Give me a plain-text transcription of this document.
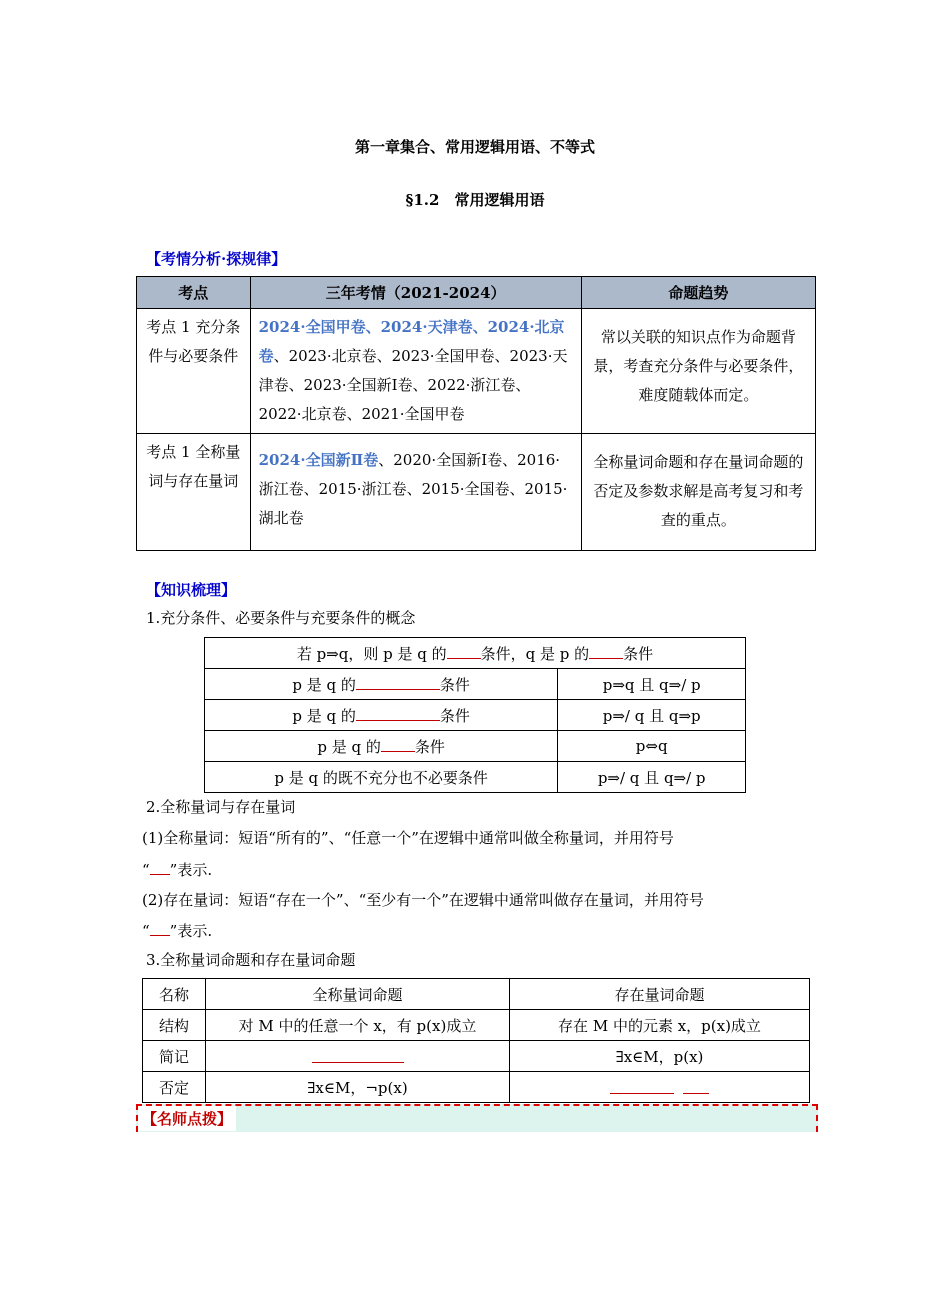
第一章集合、常用逻辑用语、不等式
§1.2　常用逻辑用语
【考情分析·探规律】
考点	三年考情（2021-2024）	命题趋势
考点 1 充分条件与必要条件	2024·全国甲卷、2024·天津卷、2024·北京卷、2023·北京卷、2023·全国甲卷、2023·天津卷、2023·全国新Ⅰ卷、2022·浙江卷、2022·北京卷、2021·全国甲卷	常以关联的知识点作为命题背景，考查充分条件与必要条件，难度随载体而定。
考点 1 全称量词与存在量词	2024·全国新Ⅱ卷、2020·全国新Ⅰ卷、2016·浙江卷、2015·浙江卷、2015·全国卷、2015·湖北卷	全称量词命题和存在量词命题的否定及参数求解是高考复习和考查的重点。
【知识梳理】
1.充分条件、必要条件与充要条件的概念
若 p⇒q，则 p 是 q 的 条件，q 是 p 的 条件	
p 是 q 的 条件	p⇒q 且 q⇒/ p
p 是 q 的 条件	p⇒/ q 且 q⇒p
p 是 q 的 条件	p⇔q
p 是 q 的既不充分也不必要条件	p⇒/ q 且 q⇒/ p
2.全称量词与存在量词
(1)全称量词：短语“所有的”、“任意一个”在逻辑中通常叫做全称量词，并用符号
“ ”表示.
(2)存在量词：短语“存在一个”、“至少有一个”在逻辑中通常叫做存在量词，并用符号
“ ”表示.
3.全称量词命题和存在量词命题
名称	全称量词命题	存在量词命题
结构	对 M 中的任意一个 x，有 p(x)成立	存在 M 中的元素 x，p(x)成立
简记		∃x∈M，p(x)
否定	∃x∈M，¬p(x)	
【名师点拨】
